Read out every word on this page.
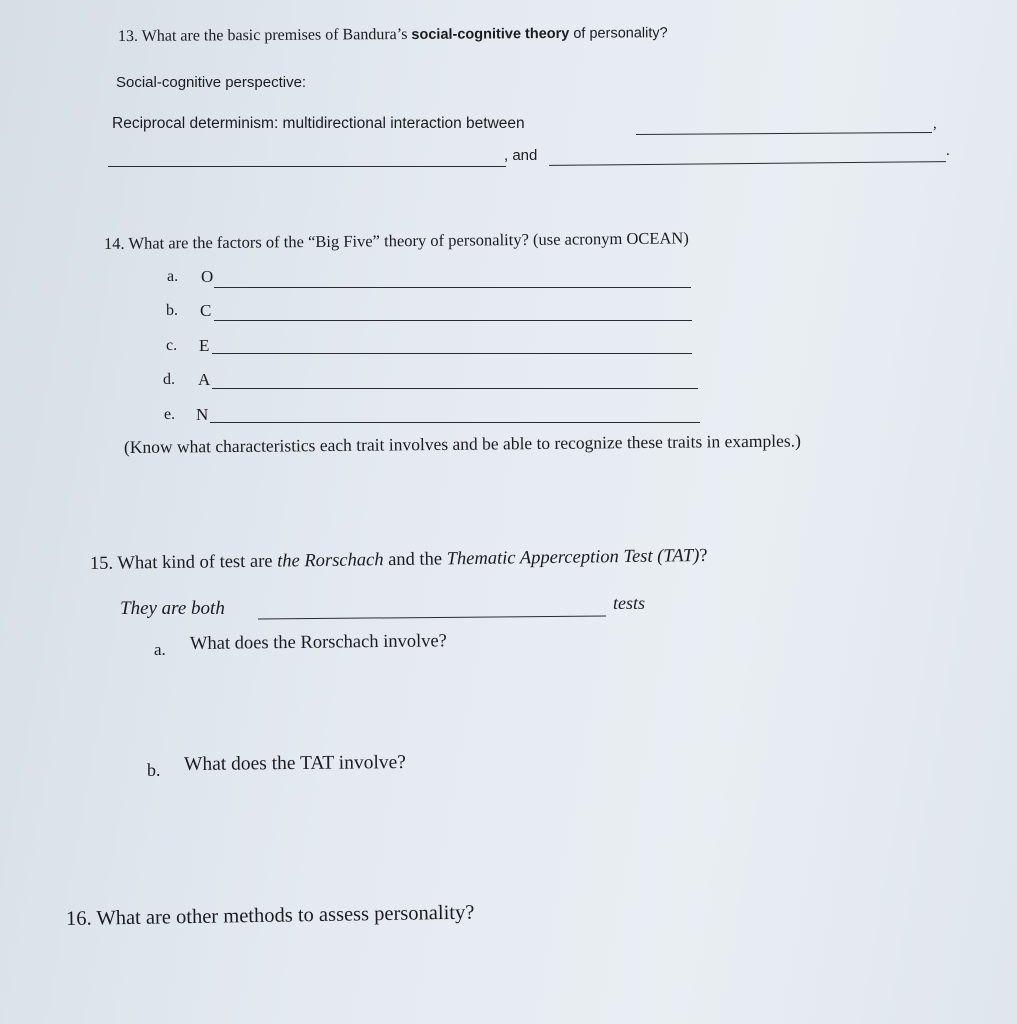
13. What are the basic premises of Bandura’s social-cognitive theory of personality?
Social-cognitive perspective:
Reciprocal determinism: multidirectional interaction between	,
, and	.
14. What are the factors of the “Big Five” theory of personality? (use acronym OCEAN)
a. O
b. C
c. E
d. A
e. N
(Know what characteristics each trait involves and be able to recognize these traits in examples.)
15. What kind of test are the Rorschach and the Thematic Apperception Test (TAT)?
They are both	tests
a. What does the Rorschach involve?
b. What does the TAT involve?
16. What are other methods to assess personality?
